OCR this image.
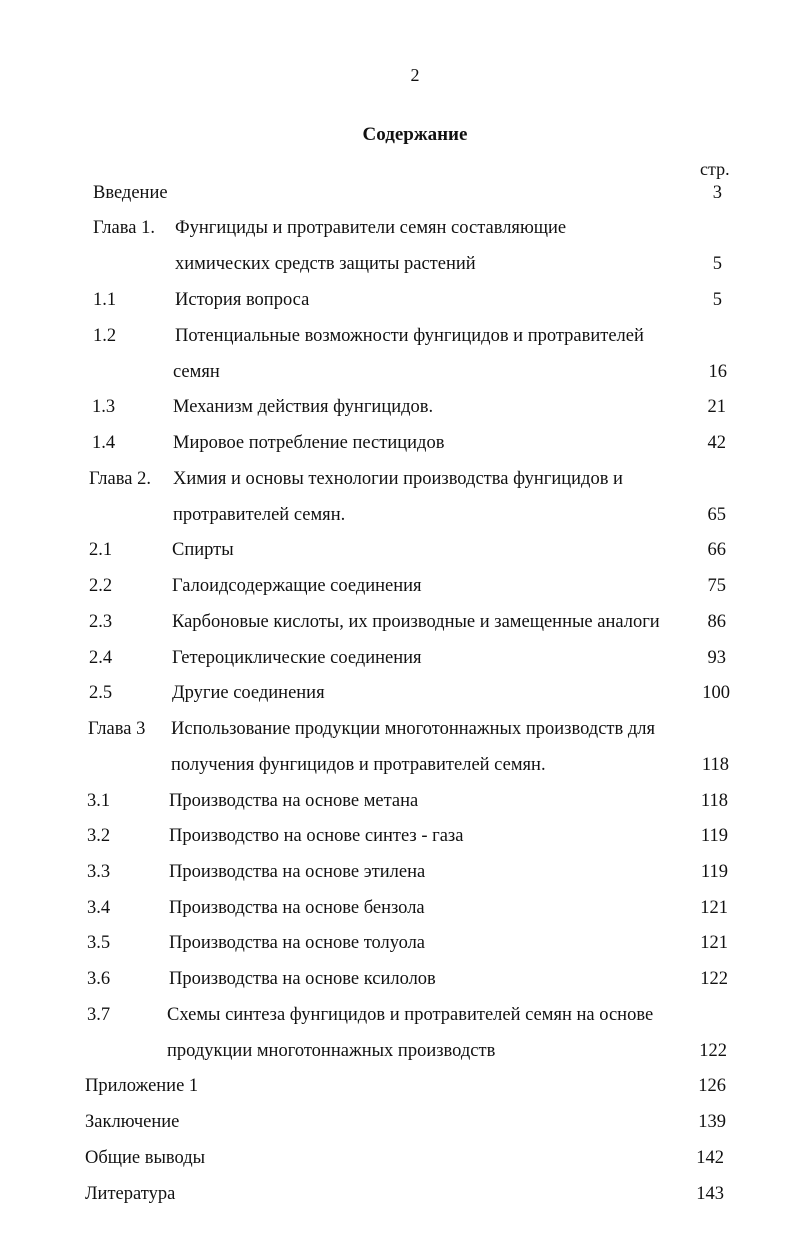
2
Содержание
стр.
Введение	3
Глава 1. Фунгициды и протравители семян составляющие
химических средств защиты растений	5
1.1	История вопроса	5
1.2	Потенциальные возможности фунгицидов и протравителей
семян	16
1.3	Механизм действия фунгицидов.	21
1.4	Мировое потребление пестицидов	42
Глава 2. Химия и основы технологии производства фунгицидов и
протравителей семян.	65
2.1	Спирты	66
2.2	Галоидсодержащие соединения	75
2.3	Карбоновые кислоты, их производные и замещенные аналоги	86
2.4	Гетероциклические соединения	93
2.5	Другие соединения	100
Глава 3 Использование продукции многотоннажных производств для
получения фунгицидов и протравителей семян.	118
3.1	Производства на основе метана	118
3.2	Производство на основе синтез - газа	119
3.3	Производства на основе этилена	119
3.4	Производства на основе бензола	121
3.5	Производства на основе толуола	121
3.6	Производства на основе ксилолов	122
3.7	Схемы синтеза фунгицидов и протравителей семян на основе
продукции многотоннажных производств	122
Приложение 1	126
Заключение	139
Общие выводы	142
Литература	143
